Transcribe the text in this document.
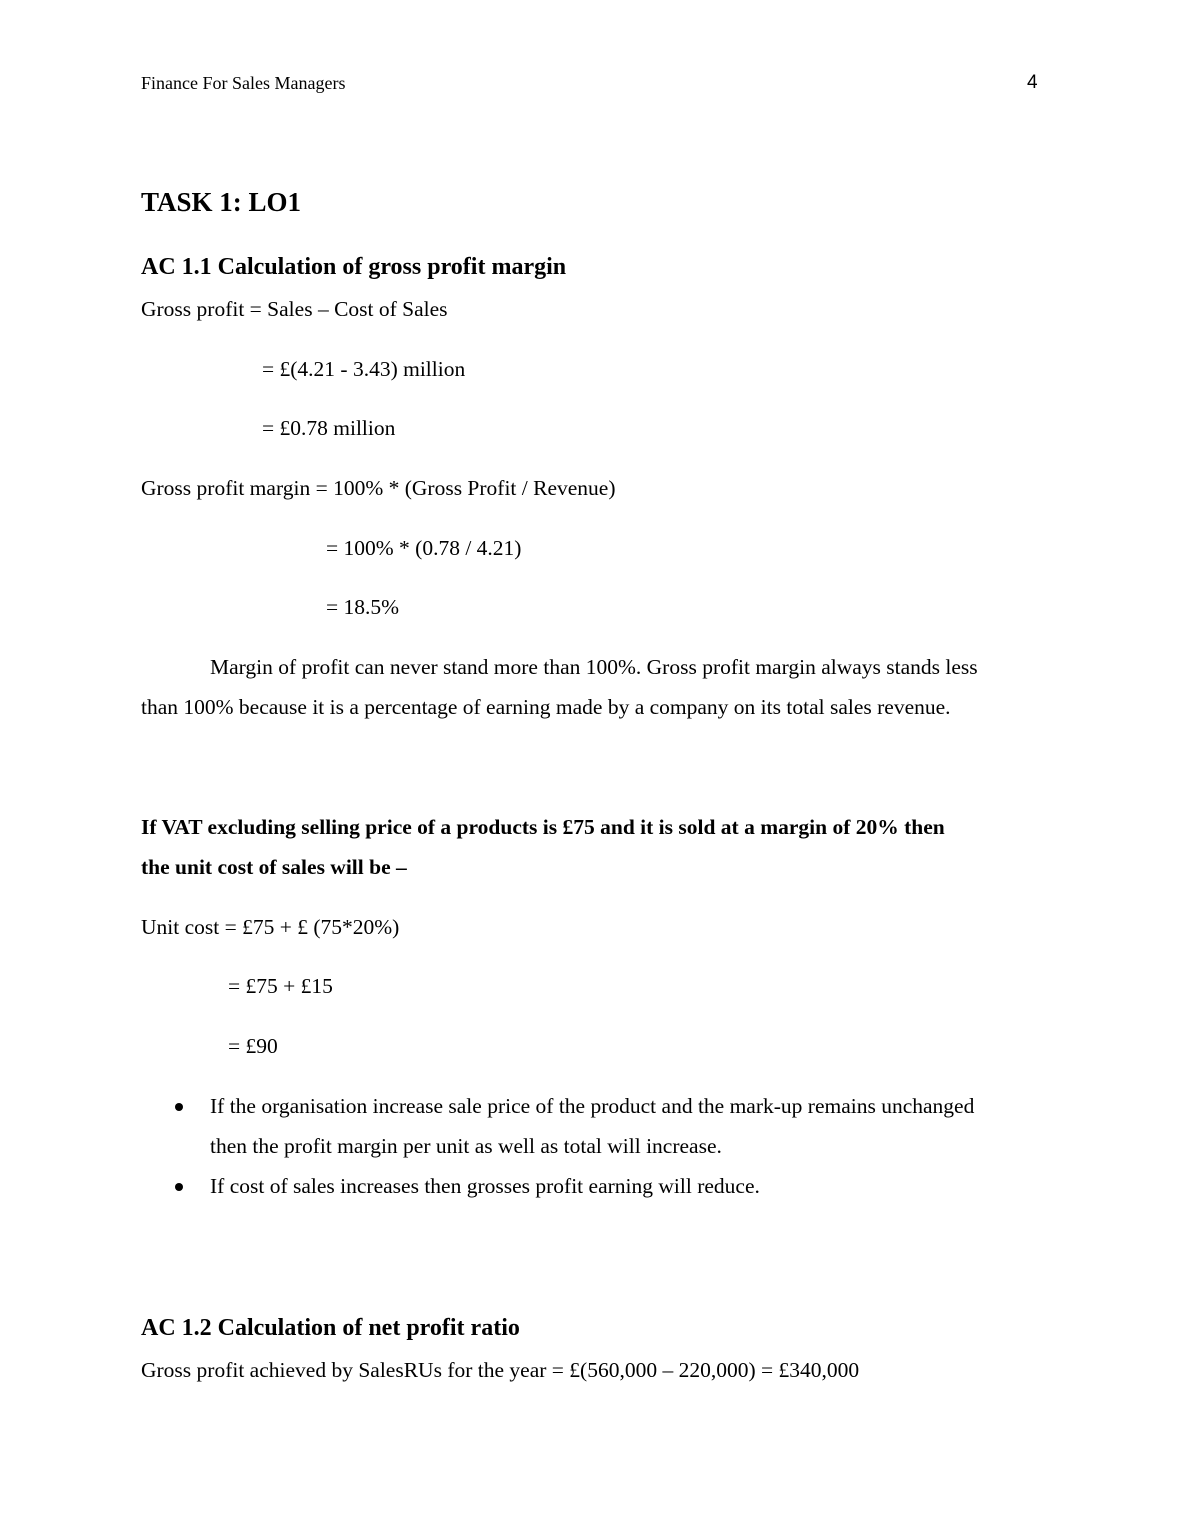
Finance For Sales Managers	4
TASK 1: LO1
AC 1.1 Calculation of gross profit margin
Gross profit = Sales – Cost of Sales
= £(4.21 - 3.43) million
= £0.78 million
Gross profit margin = 100% * (Gross Profit / Revenue)
= 100% * (0.78 / 4.21)
= 18.5%
Margin of profit can never stand more than 100%. Gross profit margin always stands less
than 100% because it is a percentage of earning made by a company on its total sales revenue.
If VAT excluding selling price of a products is £75 and it is sold at a margin of 20% then
the unit cost of sales will be –
Unit cost = £75 + £ (75*20%)
= £75 + £15
= £90
If the organisation increase sale price of the product and the mark-up remains unchanged
then the profit margin per unit as well as total will increase.
If cost of sales increases then grosses profit earning will reduce.
AC 1.2 Calculation of net profit ratio
Gross profit achieved by SalesRUs for the year = £(560,000 – 220,000) = £340,000
